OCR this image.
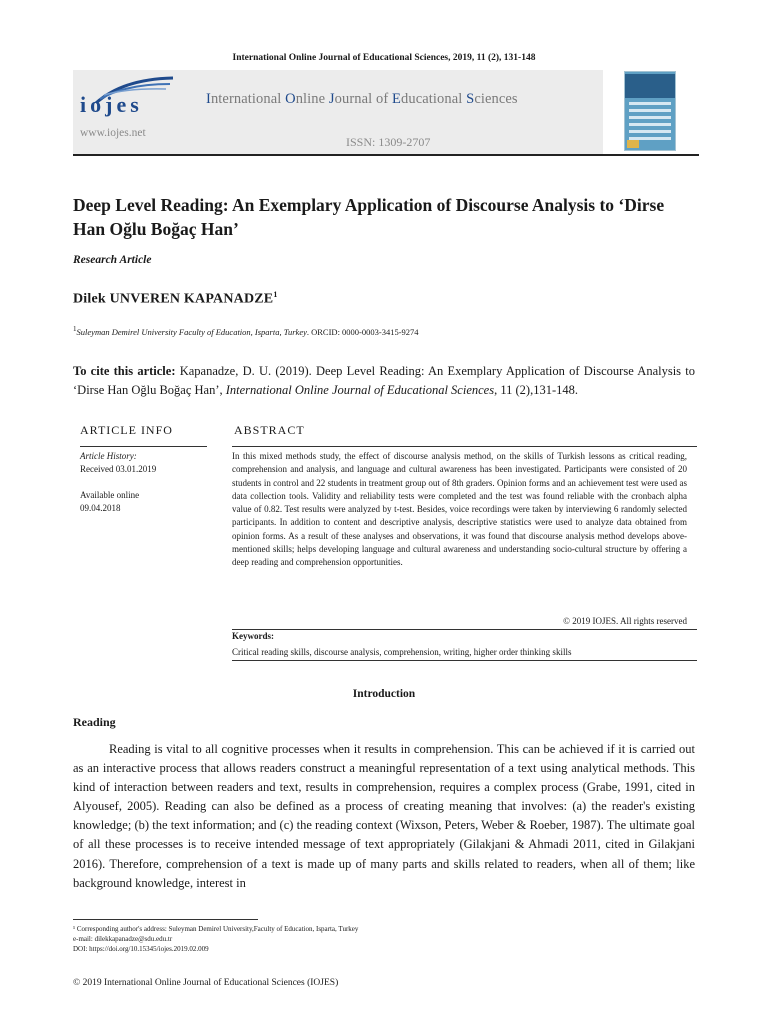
International Online Journal of Educational Sciences, 2019, 11 (2), 131-148
iojes
www.iojes.net
International Online Journal of Educational Sciences
ISSN: 1309-2707
Deep Level Reading: An Exemplary Application of Discourse Analysis to ‘Dirse Han Oğlu Boğaç Han’
Research Article
Dilek UNVEREN KAPANADZE$^1$
$^1$Suleyman Demirel University Faculty of Education, Isparta, Turkey. ORCID: 0000-0003-3415-9274
To cite this article: Kapanadze, D. U. (2019). Deep Level Reading: An Exemplary Application of Discourse Analysis to ‘Dirse Han Oğlu Boğaç Han’, International Online Journal of Educational Sciences, 11 (2),131-148.
ARTICLE INFO	ABSTRACT
Article History:
Received 03.01.2019
Available online
09.04.2018
In this mixed methods study, the effect of discourse analysis method, on the skills of Turkish lessons as critical reading, comprehension and analysis, and language and cultural awareness has been investigated. Participants were consisted of 20 students in control and 22 students in treatment group out of 8th graders. Opinion forms and an achievement test were used as data collection tools. Validity and reliability tests were completed and the test was found reliable with the cronbach alpha value of 0.82. Test results were analyzed by t-test. Besides, voice recordings were taken by interviewing 6 randomly selected participants. In addition to content and descriptive analysis, descriptive statistics were used to analyze data obtained from opinion forms. As a result of these analyses and observations, it was found that discourse analysis method develops above-mentioned skills; helps developing language and cultural awareness and understanding socio-cultural structure by offering a deep reading and comprehension opportunities.
© 2019 IOJES. All rights reserved
Keywords:
Critical reading skills, discourse analysis, comprehension, writing, higher order thinking skills
Introduction
Reading
Reading is vital to all cognitive processes when it results in comprehension. This can be achieved if it is carried out as an interactive process that allows readers construct a meaningful representation of a text using analytical methods. This kind of interaction between readers and text, results in comprehension, requires a complex process (Grabe, 1991, cited in Alyousef, 2005). Reading can also be defined as a process of creating meaning that involves: (a) the reader's existing knowledge; (b) the text information; and (c) the reading context (Wixson, Peters, Weber & Roeber, 1987). The ultimate goal of all these processes is to receive intended message of text appropriately (Gilakjani & Ahmadi 2011, cited in Gilakjani 2016). Therefore, comprehension of a text is made up of many parts and skills related to readers, when all of them; like background knowledge, interest in
¹ Corresponding author's address: Suleyman Demirel University,Faculty of Education, Isparta, Turkey
e-mail: dilekkapanadze@sdu.edu.tr
DOI: https://doi.org/10.15345/iojes.2019.02.009
© 2019 International Online Journal of Educational Sciences (IOJES)
